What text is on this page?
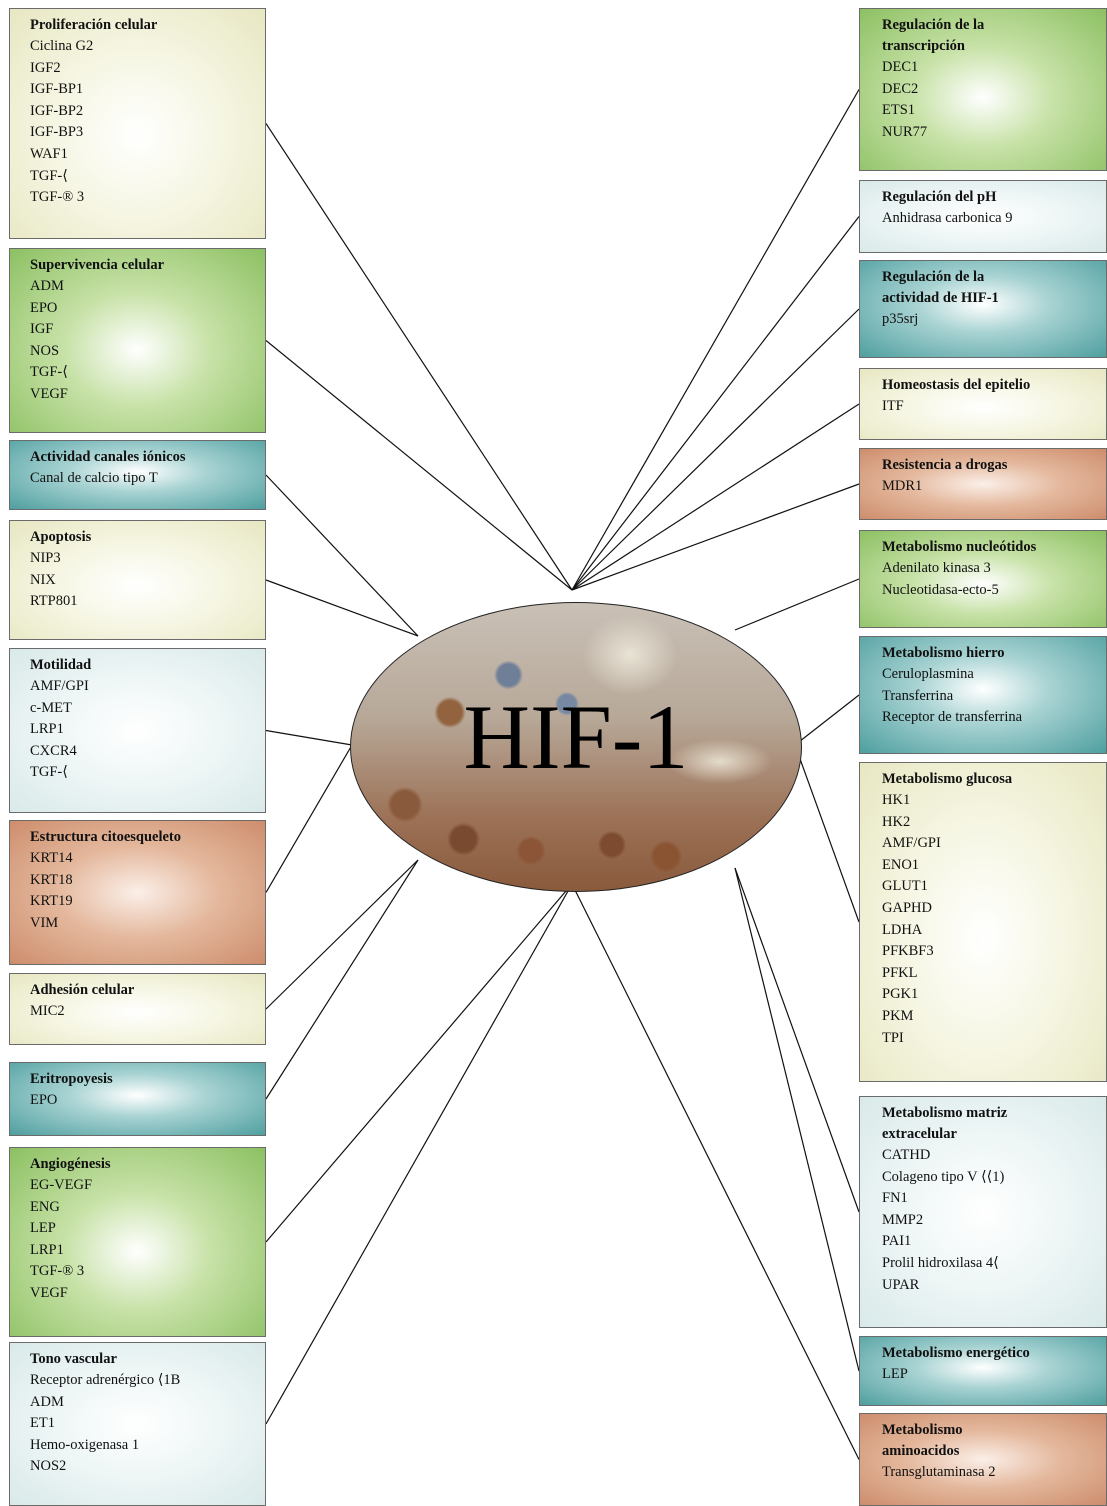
Proliferación celular
Ciclina G2
IGF2
IGF-BP1
IGF-BP2
IGF-BP3
WAF1
TGF-⟨
TGF-® 3
Supervivencia celular
ADM
EPO
IGF
NOS
TGF-⟨
VEGF
Actividad canales iónicos
Canal de calcio tipo T
Apoptosis
NIP3
NIX
RTP801
Motilidad
AMF/GPI
c-MET
LRP1
CXCR4
TGF-⟨
Estructura citoesqueleto
KRT14
KRT18
KRT19
VIM
Adhesión celular
MIC2
Eritropoyesis
EPO
Angiogénesis
EG-VEGF
ENG
LEP
LRP1
TGF-® 3
VEGF
Tono vascular
Receptor adrenérgico ⟨1B
ADM
ET1
Hemo-oxigenasa 1
NOS2
Regulación de la transcripción
DEC1
DEC2
ETS1
NUR77
Regulación del pH
Anhidrasa carbonica 9
Regulación de la actividad de HIF-1
p35srj
Homeostasis del epitelio
ITF
Resistencia a drogas
MDR1
Metabolismo nucleótidos
Adenilato kinasa 3
Nucleotidasa-ecto-5
Metabolismo hierro
Ceruloplasmina
Transferrina
Receptor de transferrina
Metabolismo glucosa
HK1
HK2
AMF/GPI
ENO1
GLUT1
GAPHD
LDHA
PFKBF3
PFKL
PGK1
PKM
TPI
Metabolismo matriz extracelular
CATHD
Colageno tipo V ⟨⟨1)
FN1
MMP2
PAI1
Prolil hidroxilasa 4⟨
UPAR
Metabolismo energético
LEP
Metabolismo aminoacidos
Transglutaminasa 2
HIF-1
